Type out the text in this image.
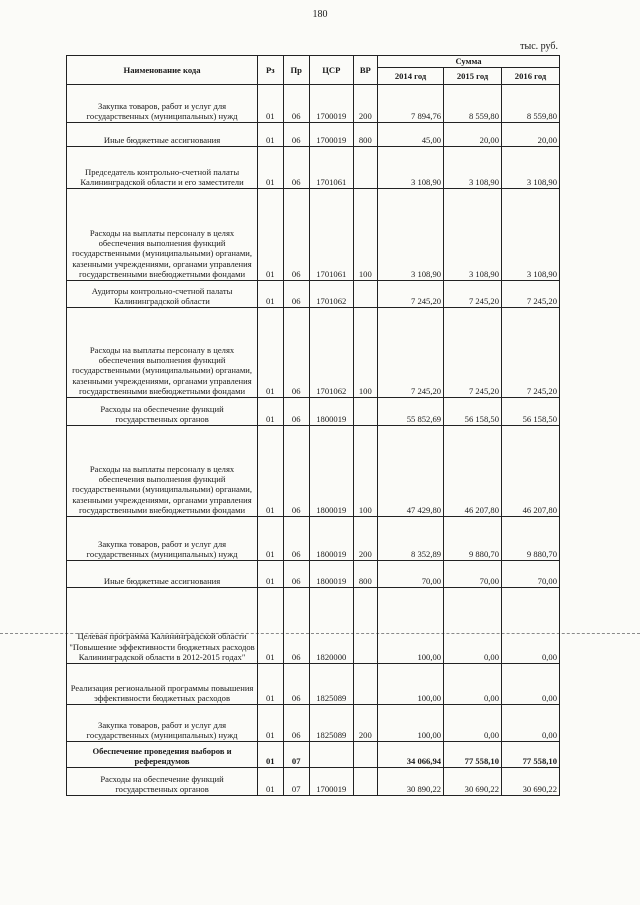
180
тыс. руб.
Наименование кода	Рз	Пр	ЦСР	ВР	Сумма		
					2014 год	2015 год	2016 год
Закупка товаров, работ и услуг для государственных (муниципальных) нужд	01	06	1700019	200	7 894,76	8 559,80	8 559,80
Иные бюджетные ассигнования	01	06	1700019	800	45,00	20,00	20,00
Председатель контрольно-счетной палаты Калининградской области и его заместители	01	06	1701061		3 108,90	3 108,90	3 108,90
Расходы на выплаты персоналу в целях обеспечения выполнения функций государственными (муниципальными) органами, казенными учреждениями, органами управления государственными внебюджетными фондами	01	06	1701061	100	3 108,90	3 108,90	3 108,90
Аудиторы контрольно-счетной палаты Калининградской области	01	06	1701062		7 245,20	7 245,20	7 245,20
Расходы на выплаты персоналу в целях обеспечения выполнения функций государственными (муниципальными) органами, казенными учреждениями, органами управления государственными внебюджетными фондами	01	06	1701062	100	7 245,20	7 245,20	7 245,20
Расходы на обеспечение функций государственных органов	01	06	1800019		55 852,69	56 158,50	56 158,50
Расходы на выплаты персоналу в целях обеспечения выполнения функций государственными (муниципальными) органами, казенными учреждениями, органами управления государственными внебюджетными фондами	01	06	1800019	100	47 429,80	46 207,80	46 207,80
Закупка товаров, работ и услуг для государственных (муниципальных) нужд	01	06	1800019	200	8 352,89	9 880,70	9 880,70
Иные бюджетные ассигнования	01	06	1800019	800	70,00	70,00	70,00
Целевая программа Калининградской области "Повышение эффективности бюджетных расходов Калининградской области в 2012-2015 годах"	01	06	1820000		100,00	0,00	0,00
Реализация региональной программы повышения эффективности бюджетных расходов	01	06	1825089		100,00	0,00	0,00
Закупка товаров, работ и услуг для государственных (муниципальных) нужд	01	06	1825089	200	100,00	0,00	0,00
Обеспечение проведения выборов и референдумов	01	07			34 066,94	77 558,10	77 558,10
Расходы на обеспечение функций государственных органов	01	07	1700019		30 890,22	30 690,22	30 690,22
